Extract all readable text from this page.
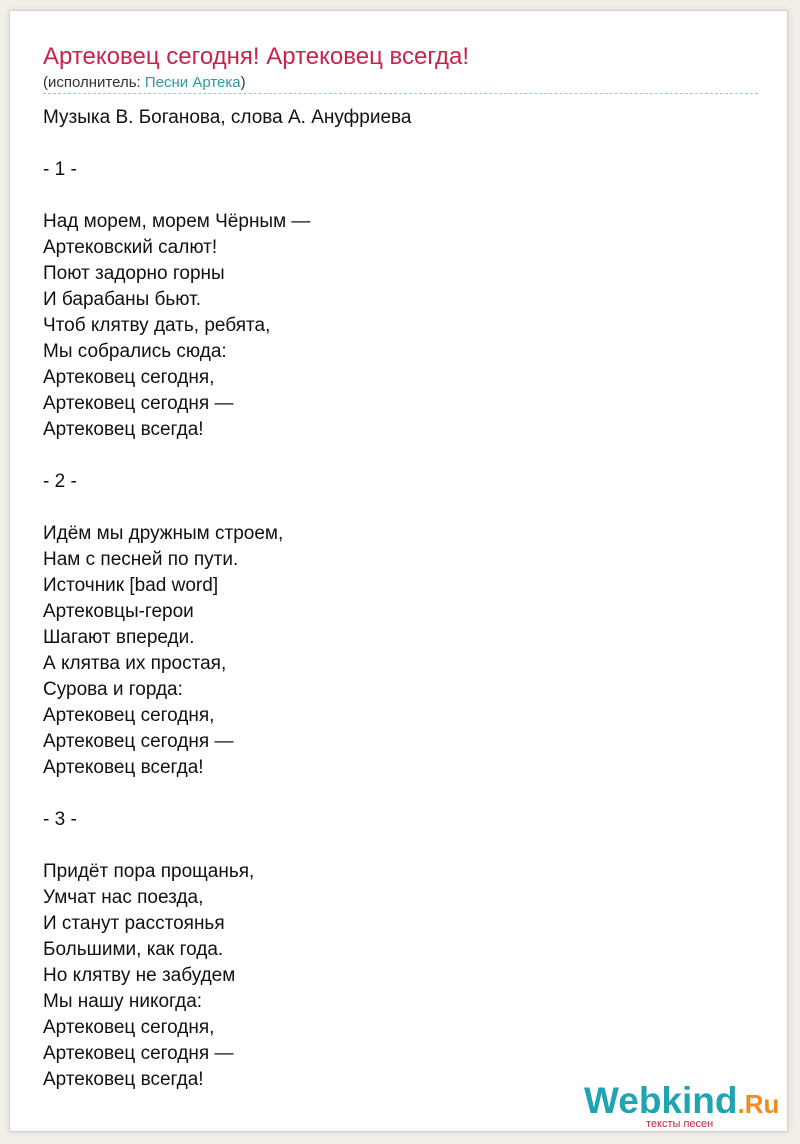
Артековец сегодня! Артековец всегда!
(исполнитель: Песни Артека)
Музыка В. Боганова, слова А. Ануфриева
- 1 -
Над морем, морем Чёрным —
Артековский салют!
Поют задорно горны
И барабаны бьют.
Чтоб клятву дать, ребята,
Мы собрались сюда:
Артековец сегодня,
Артековец сегодня —
Артековец всегда!
- 2 -
Идём мы дружным строем,
Нам с песней по пути.
Источник [bad word]
Артековцы-герои
Шагают впереди.
А клятва их простая,
Сурова и горда:
Артековец сегодня,
Артековец сегодня —
Артековец всегда!
- 3 -
Придёт пора прощанья,
Умчат нас поезда,
И станут расстоянья
Большими, как года.
Но клятву не забудем
Мы нашу никогда:
Артековец сегодня,
Артековец сегодня —
Артековец всегда!
Webkind.Ru
тексты песен
